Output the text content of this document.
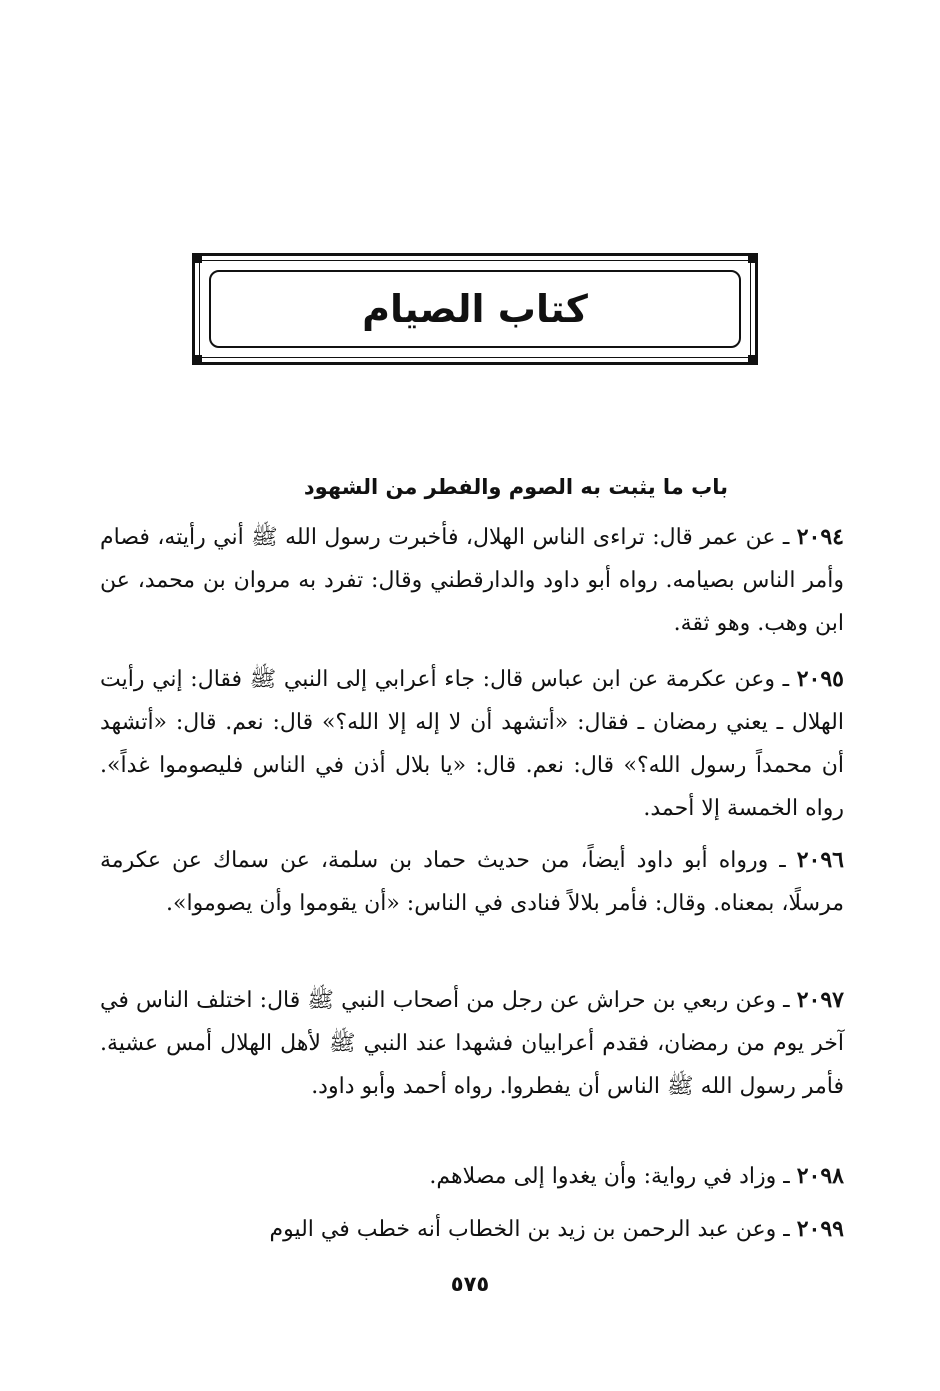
كتاب الصيام
باب ما يثبت به الصوم والفطر من الشهود
٢٠٩٤ ـ عن عمر قال: تراءى الناس الهلال، فأخبرت رسول الله ﷺ أني رأيته، فصام وأمر الناس بصيامه. رواه أبو داود والدارقطني وقال: تفرد به مروان بن محمد، عن ابن وهب. وهو ثقة.
٢٠٩٥ ـ وعن عكرمة عن ابن عباس قال: جاء أعرابي إلى النبي ﷺ فقال: إني رأيت الهلال ـ يعني رمضان ـ فقال: «أتشهد أن لا إله إلا الله؟» قال: نعم. قال: «أتشهد أن محمداً رسول الله؟» قال: نعم. قال: «يا بلال أذن في الناس فليصوموا غداً». رواه الخمسة إلا أحمد.
٢٠٩٦ ـ ورواه أبو داود أيضاً، من حديث حماد بن سلمة، عن سماك عن عكرمة مرسلًا، بمعناه. وقال: فأمر بلالاً فنادى في الناس: «أن يقوموا وأن يصوموا».
٢٠٩٧ ـ وعن ربعي بن حراش عن رجل من أصحاب النبي ﷺ قال: اختلف الناس في آخر يوم من رمضان، فقدم أعرابيان فشهدا عند النبي ﷺ لأهل الهلال أمس عشية. فأمر رسول الله ﷺ الناس أن يفطروا. رواه أحمد وأبو داود.
٢٠٩٨ ـ وزاد في رواية: وأن يغدوا إلى مصلاهم.
٢٠٩٩ ـ وعن عبد الرحمن بن زيد بن الخطاب أنه خطب في اليوم
٥٧٥
